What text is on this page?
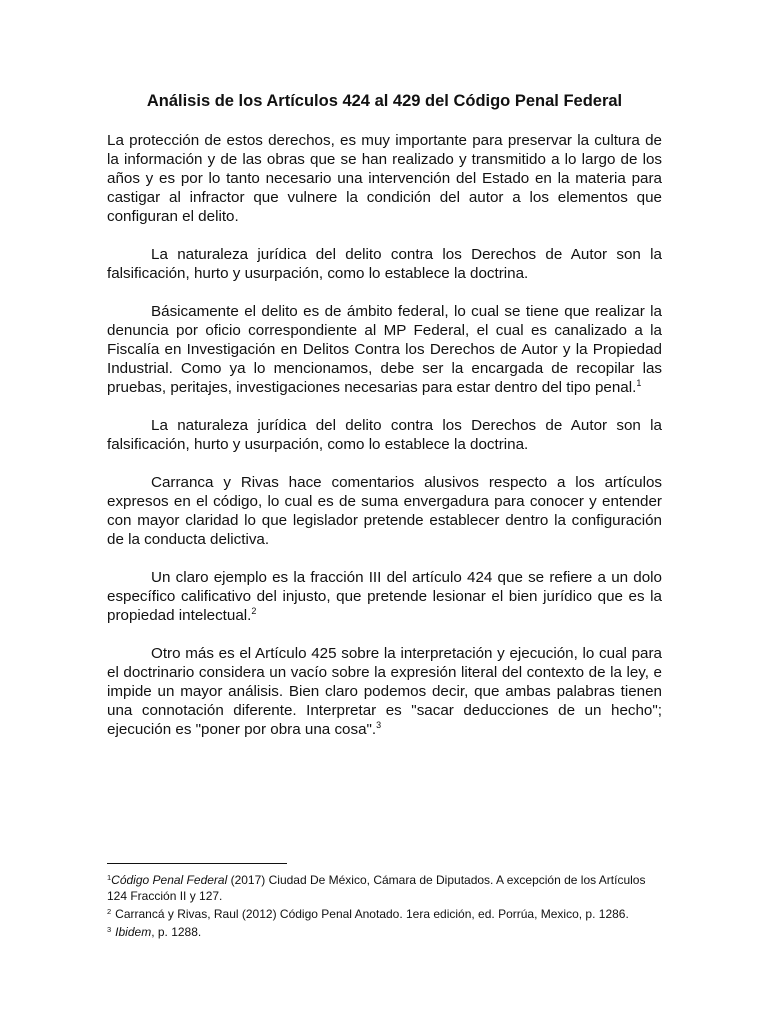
Análisis de los Artículos 424 al 429 del Código Penal Federal

La protección de estos derechos, es muy importante para preservar la cultura de la información y de las obras que se han realizado y transmitido a lo largo de los años y es por lo tanto necesario una intervención del Estado en la materia para castigar al infractor que vulnere la condición del autor a los elementos que configuran el delito.

La naturaleza jurídica del delito contra los Derechos de Autor son la falsificación, hurto y usurpación, como lo establece la doctrina.

Básicamente el delito es de ámbito federal, lo cual se tiene que realizar la denuncia por oficio correspondiente al MP Federal, el cual es canalizado a la Fiscalía en Investigación en Delitos Contra los Derechos de Autor y la Propiedad Industrial. Como ya lo mencionamos, debe ser la encargada de recopilar las pruebas, peritajes, investigaciones necesarias para estar dentro del tipo penal.$^1$

La naturaleza jurídica del delito contra los Derechos de Autor son la falsificación, hurto y usurpación, como lo establece la doctrina.

Carranca y Rivas hace comentarios alusivos respecto a los artículos expresos en el código, lo cual es de suma envergadura para conocer y entender con mayor claridad lo que legislador pretende establecer dentro la configuración de la conducta delictiva.

Un claro ejemplo es la fracción III del artículo 424 que se refiere a un dolo específico calificativo del injusto, que pretende lesionar el bien jurídico que es la propiedad intelectual.$^2$

Otro más es el Artículo 425 sobre la interpretación y ejecución, lo cual para el doctrinario considera un vacío sobre la expresión literal del contexto de la ley, e impide un mayor análisis. Bien claro podemos decir, que ambas palabras tienen una connotación diferente. Interpretar es "sacar deducciones de un hecho"; ejecución es "poner por obra una cosa".$^3$

$^1$Código Penal Federal (2017) Ciudad De México, Cámara de Diputados. A excepción de los Artículos 124 Fracción II y 127.

$^2$ Carrancá y Rivas, Raul (2012) Código Penal Anotado. 1era edición, ed. Porrúa, Mexico, p. 1286.

$^3$ Ibidem, p. 1288.
